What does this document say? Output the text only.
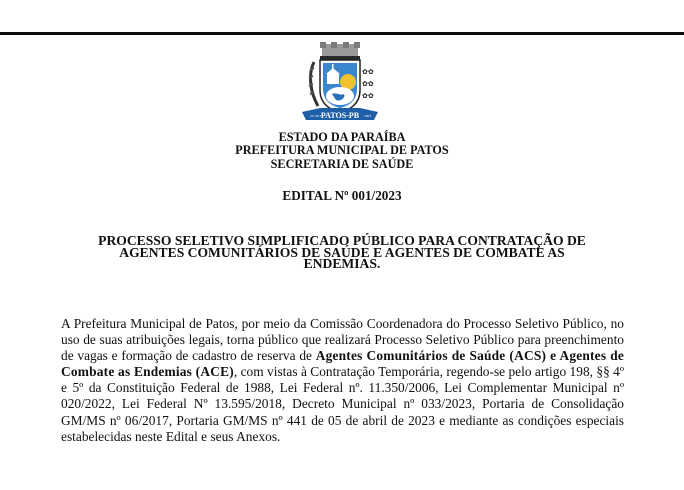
✿✿
✿✿
✿✿
PATOS-PB
24 OUT	1903
ESTADO DA PARAÍBA
PREFEITURA MUNICIPAL DE PATOS
SECRETARIA DE SAÚDE
EDITAL Nº 001/2023
PROCESSO SELETIVO SIMPLIFICADO PÚBLICO PARA CONTRATAÇÃO DE
AGENTES COMUNITÁRIOS DE SAÚDE E AGENTES DE COMBATE AS
ENDEMIAS.
A Prefeitura Municipal de Patos, por meio da Comissão Coordenadora do Processo Seletivo Público, no uso de suas atribuições legais, torna público que realizará Processo Seletivo Público para preenchimento de vagas e formação de cadastro de reserva de Agentes Comunitários de Saúde (ACS) e Agentes de Combate as Endemias (ACE), com vistas à Contratação Temporária, regendo-se pelo artigo 198, §§ 4º e 5º da Constituição Federal de 1988, Lei Federal nº. 11.350/2006, Lei Complementar Municipal nº 020/2022, Lei Federal Nº 13.595/2018, Decreto Municipal nº 033/2023, Portaria de Consolidação GM/MS nº 06/2017, Portaria GM/MS nº 441 de 05 de abril de 2023 e mediante as condições especiais estabelecidas neste Edital e seus Anexos.
